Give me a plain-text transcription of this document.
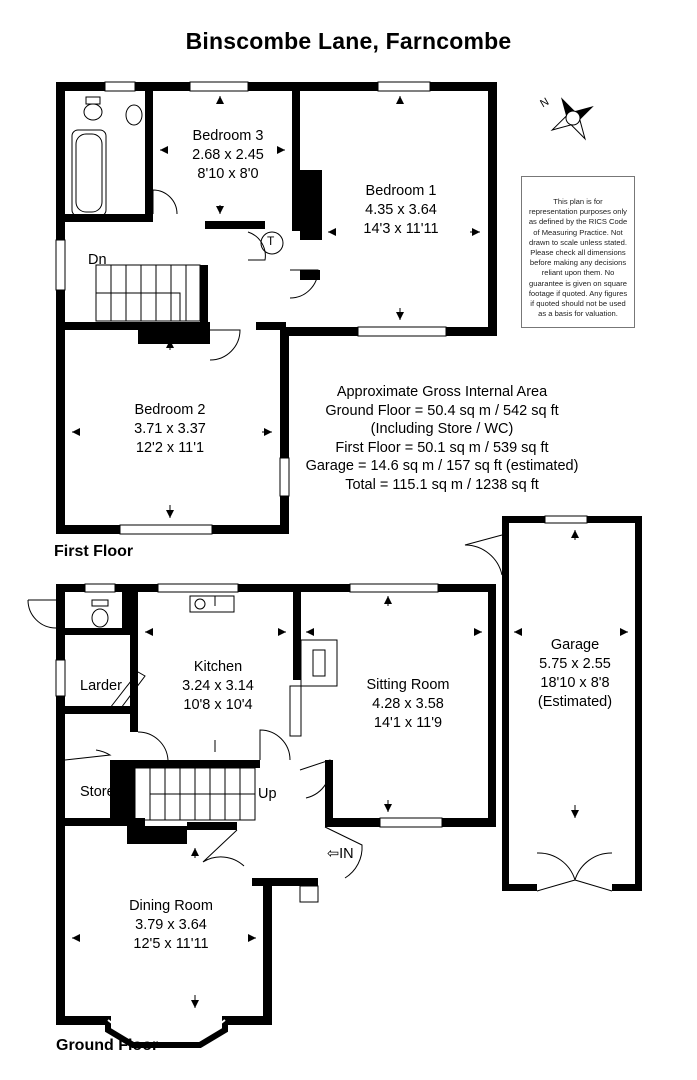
Binscombe Lane, Farncombe
N
This plan is for representation purposes only as defined by the RICS Code of Measuring Practice. Not drawn to scale unless stated. Please check all dimensions before making any decisions reliant upon them. No guarantee is given on square footage if quoted. Any figures if quoted should not be used as a basis for valuation.
Bedroom 3
2.68 x 2.45
8'10 x 8'0
Bedroom 1
4.35 x 3.64
14'3 x 11'11
Bedroom 2
3.71 x 3.37
12'2 x 11'1
Approximate Gross Internal Area
Ground Floor = 50.4 sq m / 542 sq ft
(Including Store / WC)
First Floor = 50.1 sq m / 539 sq ft
Garage = 14.6 sq m / 157 sq ft (estimated)
Total = 115.1 sq m / 1238 sq ft
First Floor
Kitchen
3.24 x 3.14
10'8 x 10'4
Sitting Room
4.28 x 3.58
14'1 x 11'9
Garage
5.75 x 2.55
18'10 x 8'8
(Estimated)
Dining Room
3.79 x 3.64
12'5 x 11'11
Dn
Up
Larder
Store
T
⇦IN
Ground Floor
